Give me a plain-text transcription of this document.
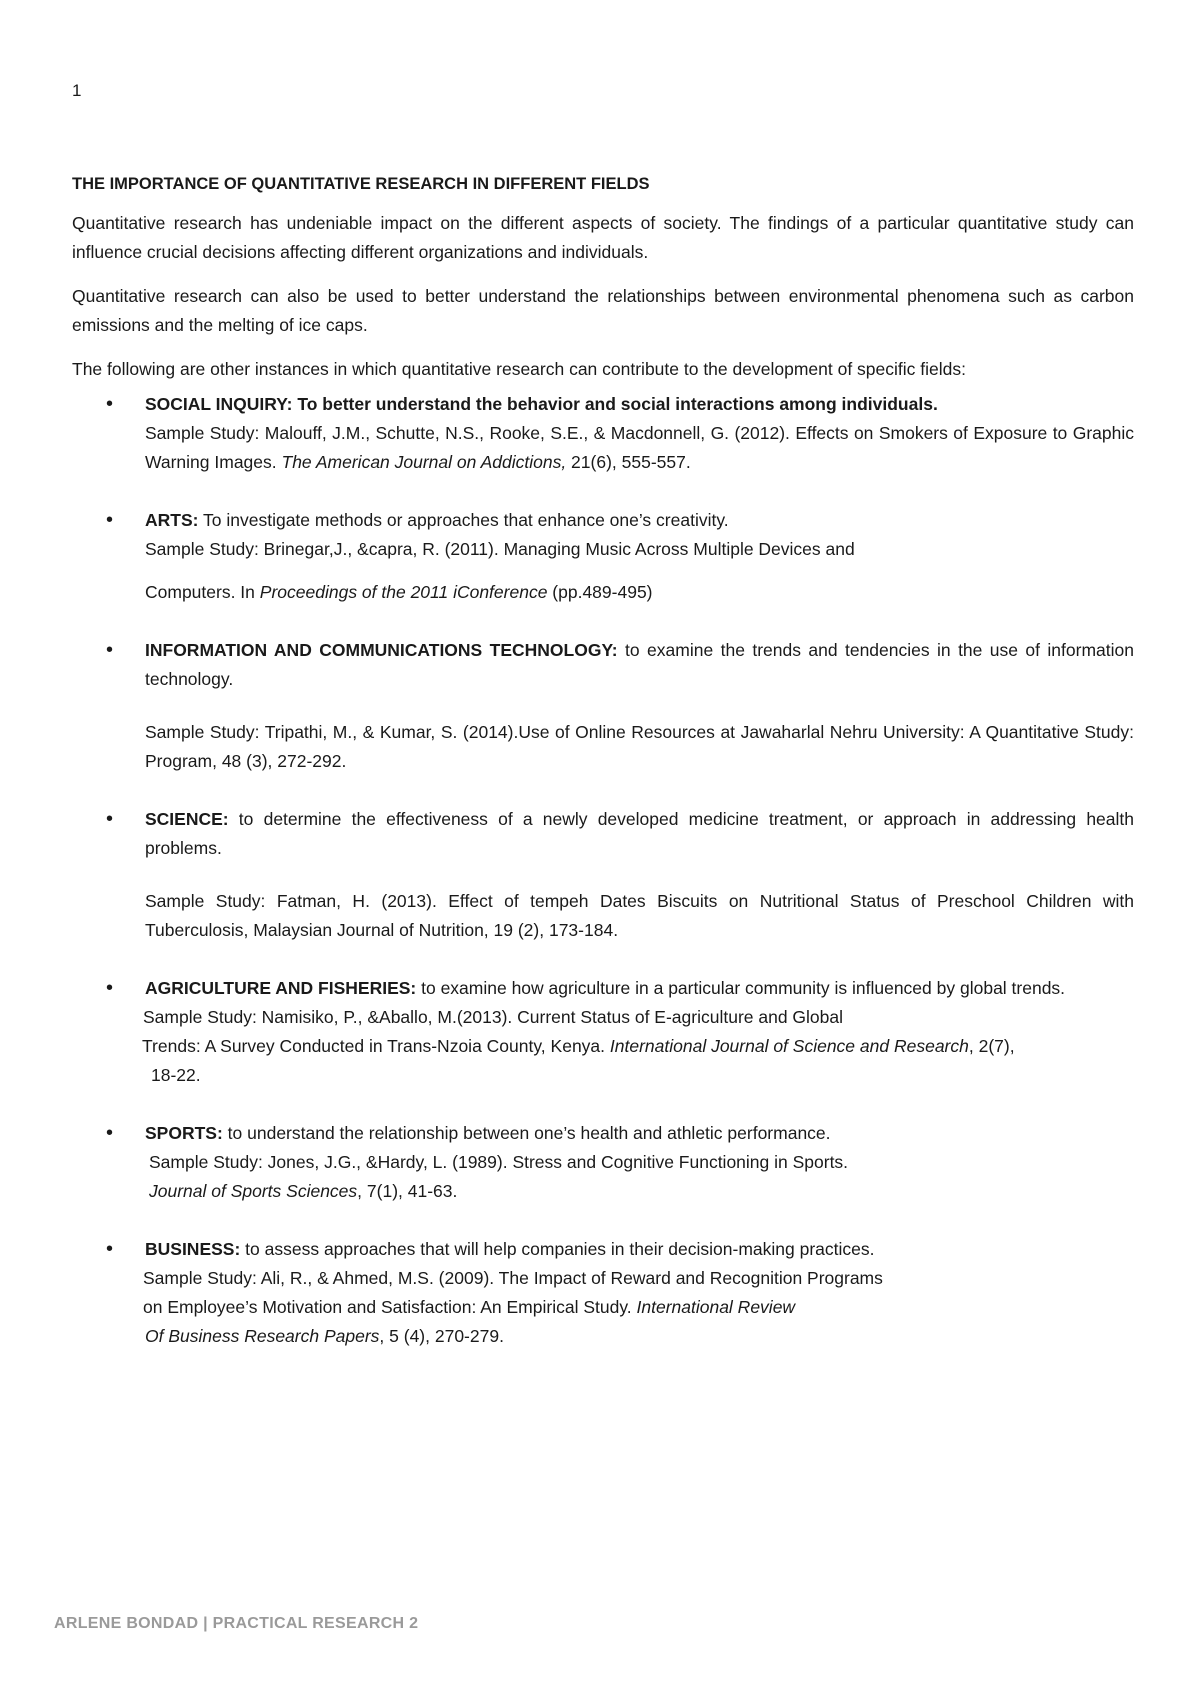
1
THE IMPORTANCE OF QUANTITATIVE RESEARCH IN DIFFERENT FIELDS

Quantitative research has undeniable impact on the different aspects of society. The findings of a particular quantitative study can influence crucial decisions affecting different organizations and individuals.

Quantitative research can also be used to better understand the relationships between environmental phenomena such as carbon emissions and the melting of ice caps.

The following are other instances in which quantitative research can contribute to the development of specific fields:

• SOCIAL INQUIRY: To better understand the behavior and social interactions among individuals.
Sample Study: Malouff, J.M., Schutte, N.S., Rooke, S.E., & Macdonnell, G. (2012). Effects on Smokers of Exposure to Graphic Warning Images. The American Journal on Addictions, 21(6), 555-557.
• ARTS: To investigate methods or approaches that enhance one’s creativity.
Sample Study: Brinegar,J., &capra, R. (2011). Managing Music Across Multiple Devices and
Computers. In Proceedings of the 2011 iConference (pp.489-495)
• INFORMATION AND COMMUNICATIONS TECHNOLOGY: to examine the trends and tendencies in the use of information technology.
Sample Study: Tripathi, M., & Kumar, S. (2014).Use of Online Resources at Jawaharlal Nehru University: A Quantitative Study: Program, 48 (3), 272-292.
• SCIENCE: to determine the effectiveness of a newly developed medicine treatment, or approach in addressing health problems.
Sample Study: Fatman, H. (2013). Effect of tempeh Dates Biscuits on Nutritional Status of Preschool Children with Tuberculosis, Malaysian Journal of Nutrition, 19 (2), 173-184.
• AGRICULTURE AND FISHERIES: to examine how agriculture in a particular community is influenced by global trends.
Sample Study: Namisiko, P., &Aballo, M.(2013). Current Status of E-agriculture and Global
Trends: A Survey Conducted in Trans-Nzoia County, Kenya. International Journal of Science and Research, 2(7),
18-22.
• SPORTS: to understand the relationship between one’s health and athletic performance.
Sample Study: Jones, J.G., &Hardy, L. (1989). Stress and Cognitive Functioning in Sports.
Journal of Sports Sciences, 7(1), 41-63.
• BUSINESS: to assess approaches that will help companies in their decision-making practices.
Sample Study: Ali, R., & Ahmed, M.S. (2009). The Impact of Reward and Recognition Programs
on Employee’s Motivation and Satisfaction: An Empirical Study. International Review
Of Business Research Papers, 5 (4), 270-279.
ARLENE BONDAD | PRACTICAL RESEARCH 2
